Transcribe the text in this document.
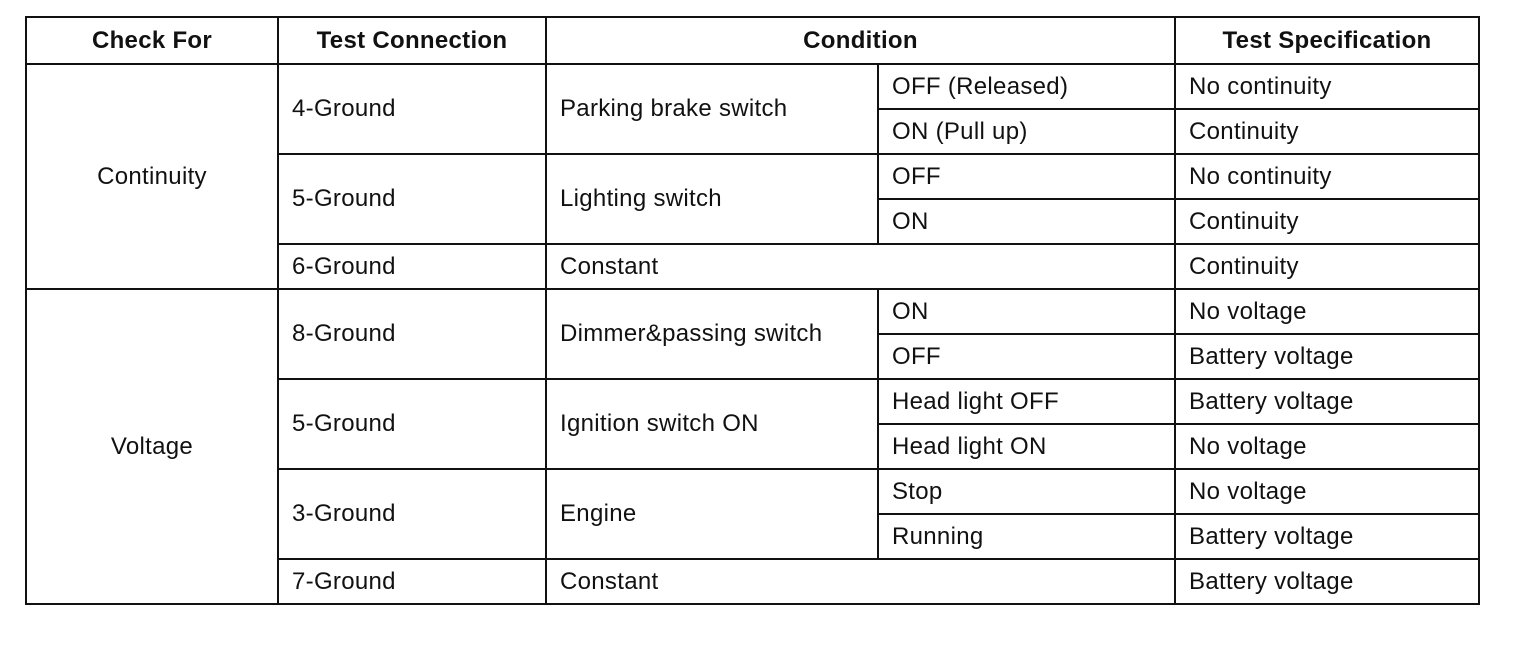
Check For	Test Connection	Condition		Test Specification
Continuity	4-Ground	Parking brake switch	OFF (Released)	No continuity
			ON (Pull up)	Continuity
	5-Ground	Lighting switch	OFF	No continuity
			ON	Continuity
	6-Ground	Constant		Continuity
Voltage	8-Ground	Dimmer&passing switch	ON	No voltage
			OFF	Battery voltage
	5-Ground	Ignition switch ON	Head light OFF	Battery voltage
			Head light ON	No voltage
	3-Ground	Engine	Stop	No voltage
			Running	Battery voltage
	7-Ground	Constant		Battery voltage
